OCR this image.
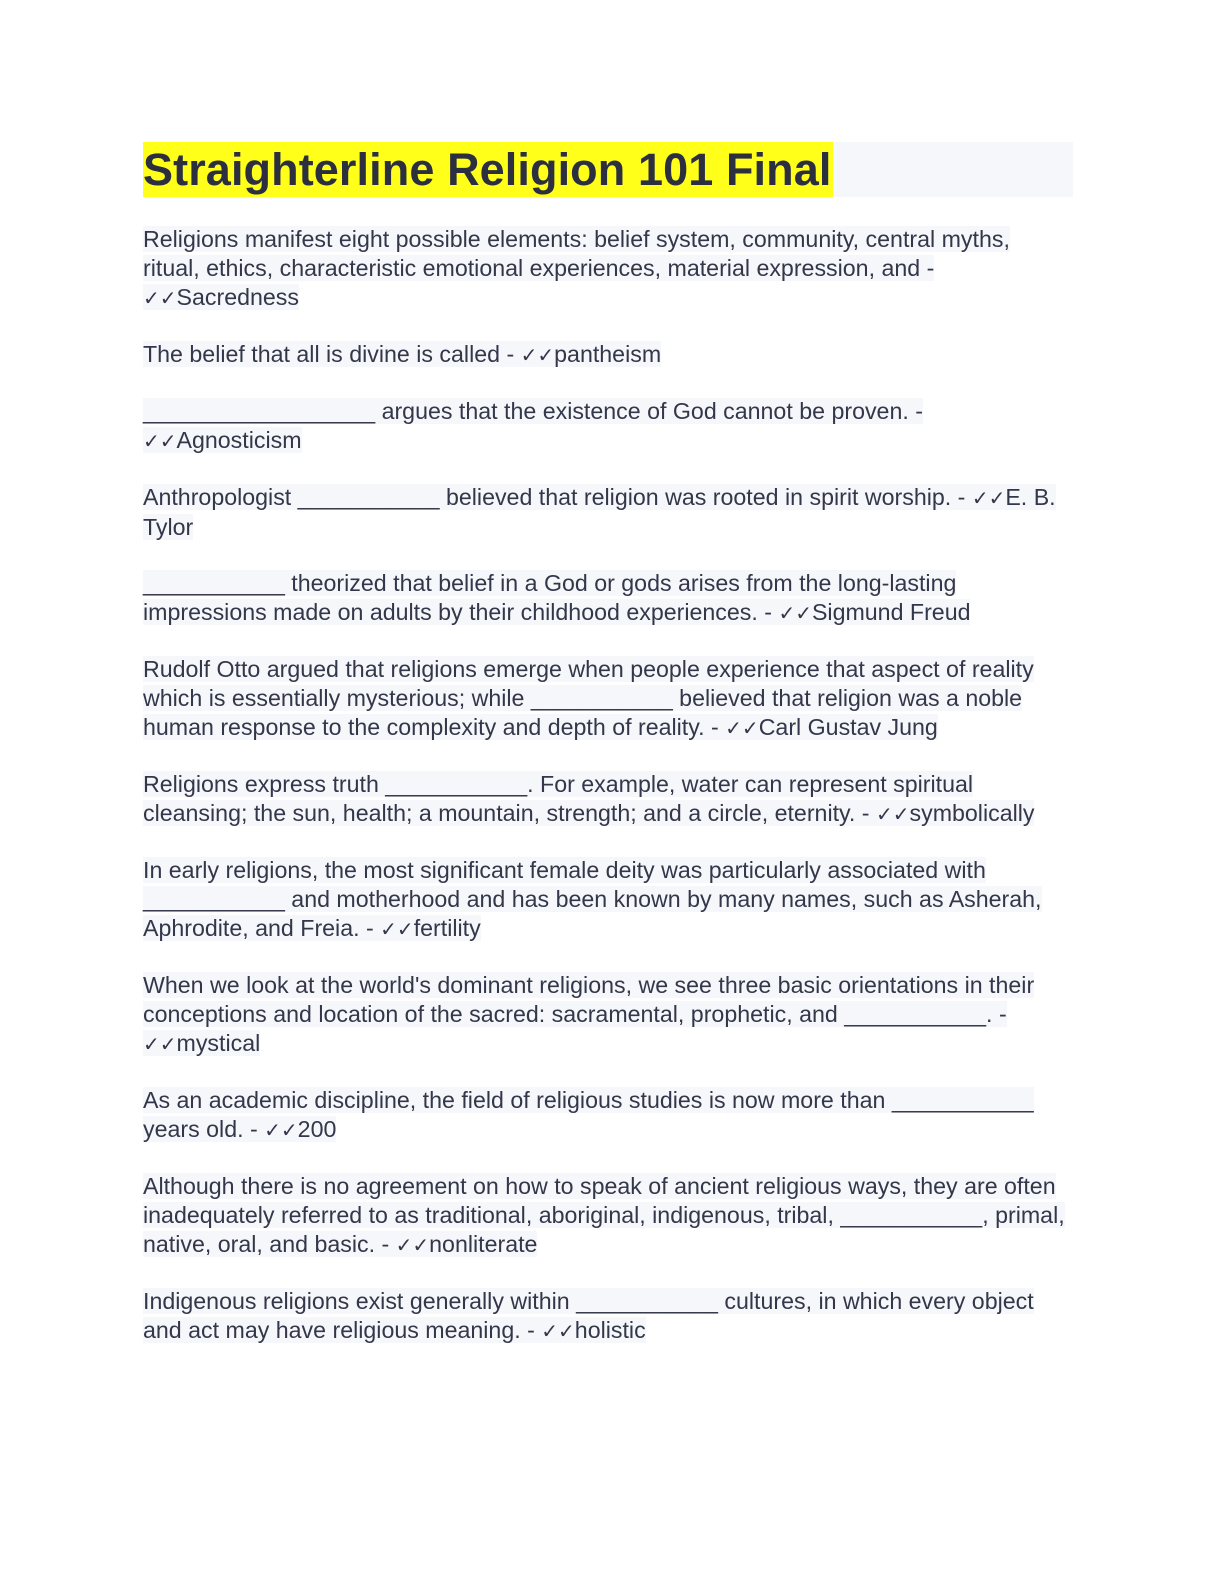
Straighterline Religion 101 Final

Religions manifest eight possible elements: belief system, community, central myths, ritual, ethics, characteristic emotional experiences, material expression, and - ✓✓Sacredness

The belief that all is divine is called - ✓✓pantheism

__________________ argues that the existence of God cannot be proven. - ✓✓Agnosticism

Anthropologist ___________ believed that religion was rooted in spirit worship. - ✓✓E. B. Tylor

___________ theorized that belief in a God or gods arises from the long-lasting impressions made on adults by their childhood experiences. - ✓✓Sigmund Freud

Rudolf Otto argued that religions emerge when people experience that aspect of reality which is essentially mysterious; while ___________ believed that religion was a noble human response to the complexity and depth of reality. - ✓✓Carl Gustav Jung

Religions express truth ___________. For example, water can represent spiritual cleansing; the sun, health; a mountain, strength; and a circle, eternity. - ✓✓symbolically

In early religions, the most significant female deity was particularly associated with ___________ and motherhood and has been known by many names, such as Asherah, Aphrodite, and Freia. - ✓✓fertility

When we look at the world's dominant religions, we see three basic orientations in their conceptions and location of the sacred: sacramental, prophetic, and ___________. - ✓✓mystical

As an academic discipline, the field of religious studies is now more than ___________ years old. - ✓✓200

Although there is no agreement on how to speak of ancient religious ways, they are often inadequately referred to as traditional, aboriginal, indigenous, tribal, ___________, primal, native, oral, and basic. - ✓✓nonliterate

Indigenous religions exist generally within ___________ cultures, in which every object and act may have religious meaning. - ✓✓holistic
